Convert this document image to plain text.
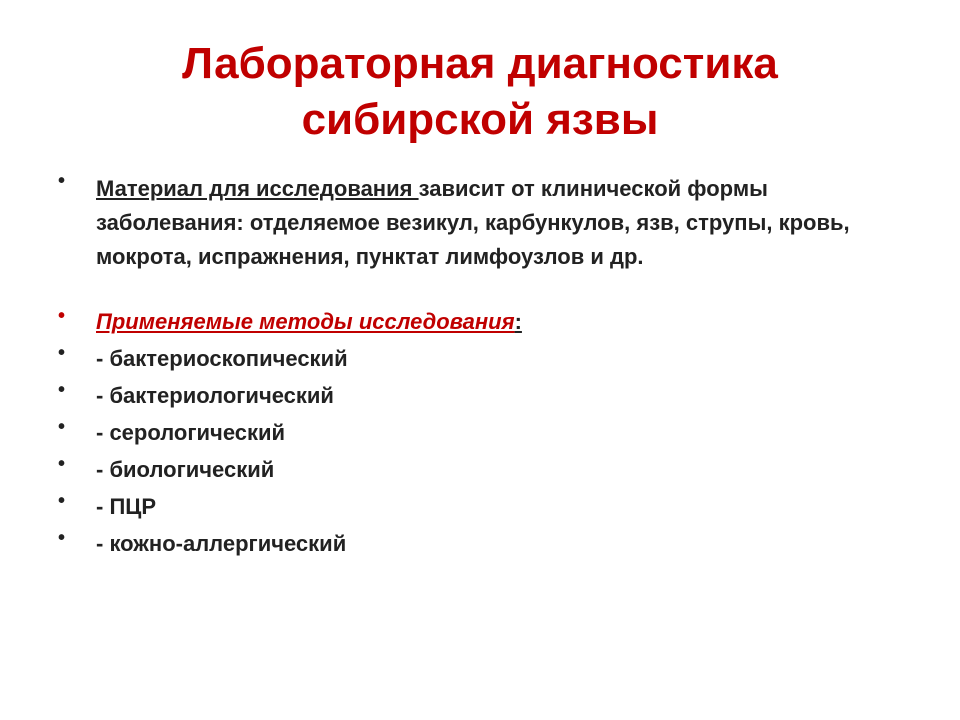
Лабораторная диагностика
сибирской язвы
• Материал для исследования зависит от клинической формы заболевания: отделяемое везикул, карбункулов, язв, струпы, кровь, мокрота, испражнения, пунктат лимфоузлов и др.
• Применяемые методы исследования:
• - бактериоскопический
• - бактериологический
• - серологический
• - биологический
• - ПЦР
• - кожно-аллергический
